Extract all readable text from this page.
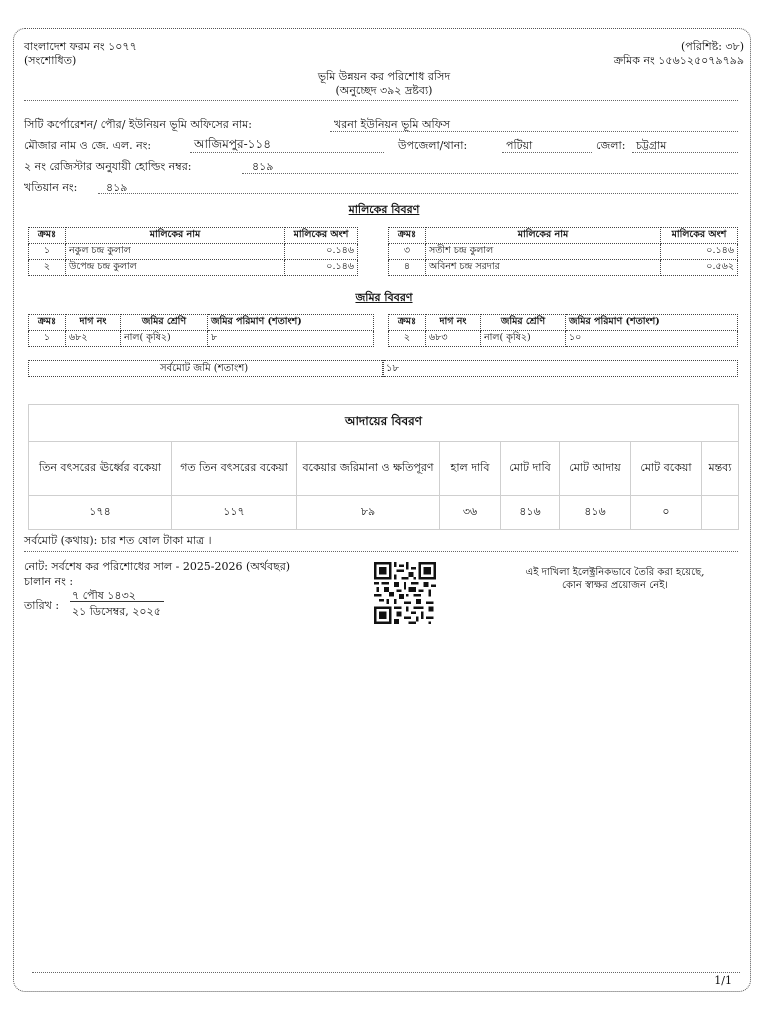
বাংলাদেশ ফরম নং ১০৭৭
(সংশোধিত)
(পরিশিষ্ট: ৩৮)
ক্রমিক নং ১৫৬১২৫০৭৯৭৯৯
ভূমি উন্নয়ন কর পরিশোধ রসিদ
(অনুচ্ছেদ ৩৯২ দ্রষ্টব্য)
সিটি কর্পোরেশন/ পৌর/ ইউনিয়ন ভূমি অফিসের নাম:	খরনা ইউনিয়ন ভূমি অফিস
মৌজার নাম ও জে. এল. নং:	আজিমপুর-১১৪	উপজেলা/থানা:	পটিয়া	জেলা: চট্টগ্রাম
২ নং রেজিস্টার অনুযায়ী হোল্ডিং নম্বর:	৪১৯
খতিয়ান নং:	৪১৯
মালিকের বিবরণ
ক্রমঃ	মালিকের নাম	মালিকের অংশ
১	নকুল চন্দ্র কুলাল	০.১৪৬
২	উপেন্দ্র চন্দ্র কুলাল	০.১৪৬
ক্রমঃ	মালিকের নাম	মালিকের অংশ
৩	সতীশ চন্দ্র কুলাল	০.১৪৬
৪	অবিনশ চন্দ্র সরদার	০.৫৬২
জমির বিবরণ
ক্রমঃ	দাগ নং	জমির শ্রেণি	জমির পরিমাণ (শতাংশ)
১	৬৮২	নাল( কৃষি২)	৮
ক্রমঃ	দাগ নং	জমির শ্রেণি	জমির পরিমাণ (শতাংশ)
২	৬৮৩	নাল( কৃষি২)	১০
সর্বমোট জমি (শতাংশ)	১৮
আদায়ের বিবরণ							
তিন বৎসরের ঊর্ধ্বের বকেয়া	গত তিন বৎসরের বকেয়া	বকেয়ার জরিমানা ও ক্ষতিপূরণ	হাল দাবি	মোট দাবি	মোট আদায়	মোট বকেয়া	মন্তব্য
১৭৪	১১৭	৮৯	৩৬	৪১৬	৪১৬	০	
সর্বমোট (কথায়): চার শত ষোল টাকা মাত্র ।
নোট: সর্বশেষ কর পরিশোধের সাল - 2025-2026 (অর্থবছর)
চালান নং :
তারিখ :
৭ পৌষ ১৪৩২
২১ ডিসেম্বর, ২০২৫
এই দাখিলা ইলেক্ট্রনিকভাবে তৈরি করা হয়েছে,
কোন স্বাক্ষর প্রয়োজন নেই।
1/1
